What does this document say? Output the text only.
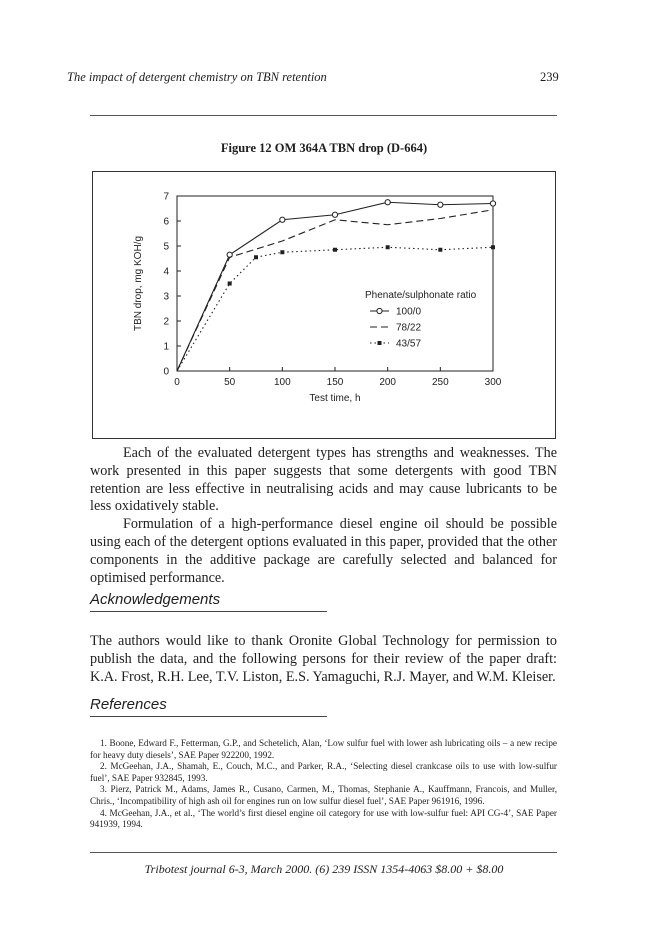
The impact of detergent chemistry on TBN retention	239
Figure 12 OM 364A TBN drop (D-664)
0	50	100	150	200	250	300
0
1
2
3
4
5
6
7
Test time, h
TBN drop, mg KOH/g	Phenate/sulphonate ratio
100/0
78/22
43/57

Each of the evaluated detergent types has strengths and weaknesses. The work presented in this paper suggests that some detergents with good TBN retention are less effective in neutralising acids and may cause lubricants to be less oxidatively stable.

Formulation of a high-performance diesel engine oil should be possible using each of the detergent options evaluated in this paper, provided that the other components in the additive package are carefully selected and balanced for optimised performance.

Acknowledgements
The authors would like to thank Oronite Global Technology for permission to publish the data, and the following persons for their review of the paper draft: K.A. Frost, R.H. Lee, T.V. Liston, E.S. Yamaguchi, R.J. Mayer, and W.M. Kleiser.
References
1. Boone, Edward F., Fetterman, G.P., and Schetelich, Alan, ‘Low sulfur fuel with lower ash lubricating oils – a new recipe for heavy duty diesels’, SAE Paper 922200, 1992.
2. McGeehan, J.A., Shamah, E., Couch, M.C., and Parker, R.A., ‘Selecting diesel crankcase oils to use with low-sulfur fuel’, SAE Paper 932845, 1993.
3. Pierz, Patrick M., Adams, James R., Cusano, Carmen, M., Thomas, Stephanie A., Kauffmann, Francois, and Muller, Chris., ‘Incompatibility of high ash oil for engines run on low sulfur diesel fuel’, SAE Paper 961916, 1996.
4. McGeehan, J.A., et al., ‘The world’s first diesel engine oil category for use with low-sulfur fuel: API CG-4’, SAE Paper 941939, 1994.
Tribotest journal 6-3, March 2000. (6) 239 ISSN 1354-4063 $8.00 + $8.00
